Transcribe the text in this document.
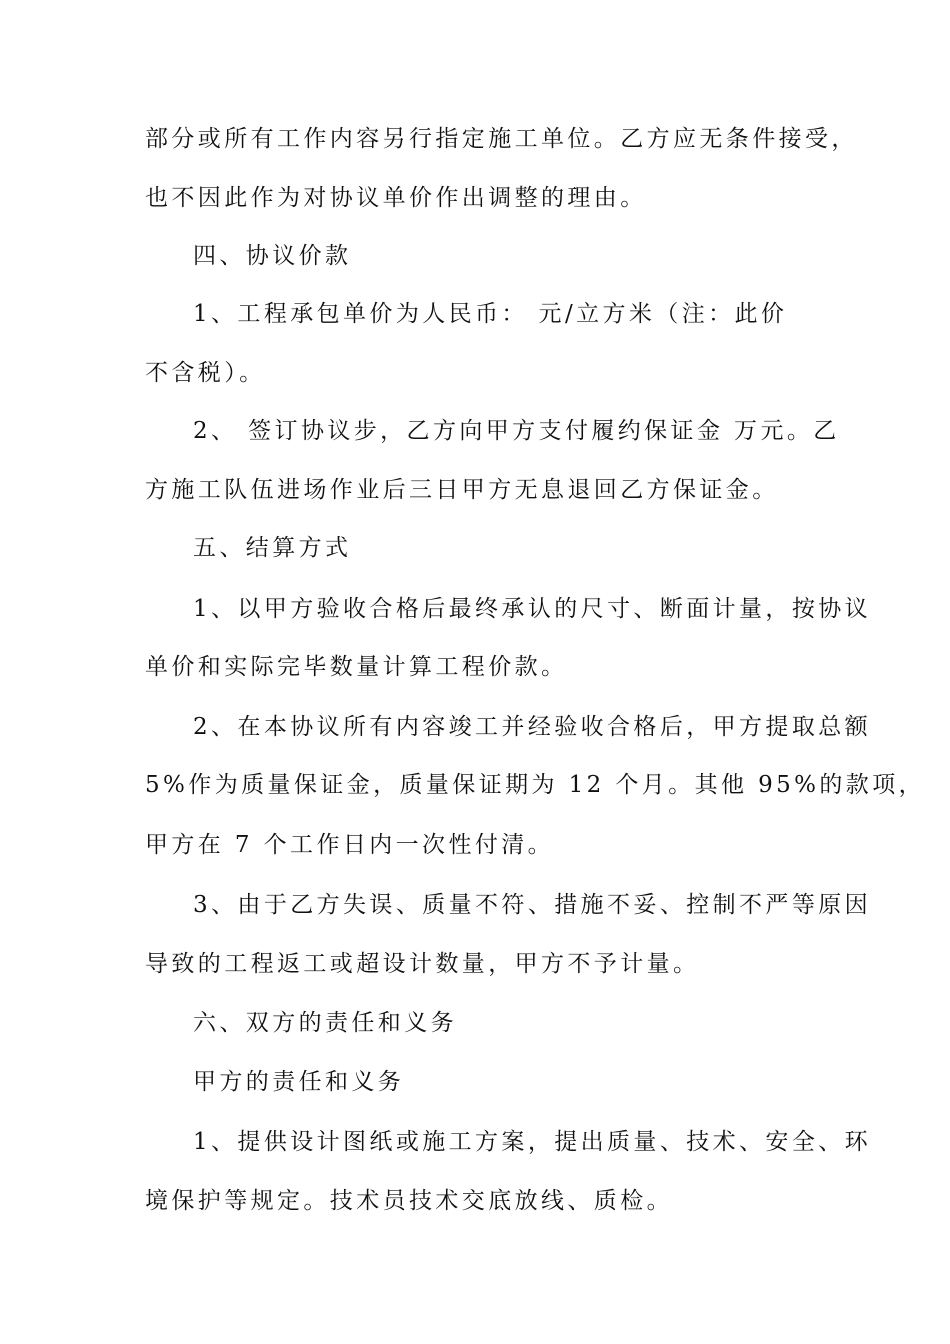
部分或所有工作内容另行指定施工单位。乙方应无条件接受，
也不因此作为对协议单价作出调整的理由。
四、协议价款
1、工程承包单价为人民币： 元/立方米（注：此价
不含税）。
2、 签订协议步，乙方向甲方支付履约保证金 万元。乙
方施工队伍进场作业后三日甲方无息退回乙方保证金。
五、结算方式
1、以甲方验收合格后最终承认的尺寸、断面计量，按协议
单价和实际完毕数量计算工程价款。
2、在本协议所有内容竣工并经验收合格后，甲方提取总额
5%作为质量保证金，质量保证期为 12 个月。其他 95%的款项，
甲方在 7 个工作日内一次性付清。
3、由于乙方失误、质量不符、措施不妥、控制不严等原因
导致的工程返工或超设计数量，甲方不予计量。
六、双方的责任和义务
甲方的责任和义务
1、提供设计图纸或施工方案，提出质量、技术、安全、环
境保护等规定。技术员技术交底放线、质检。
